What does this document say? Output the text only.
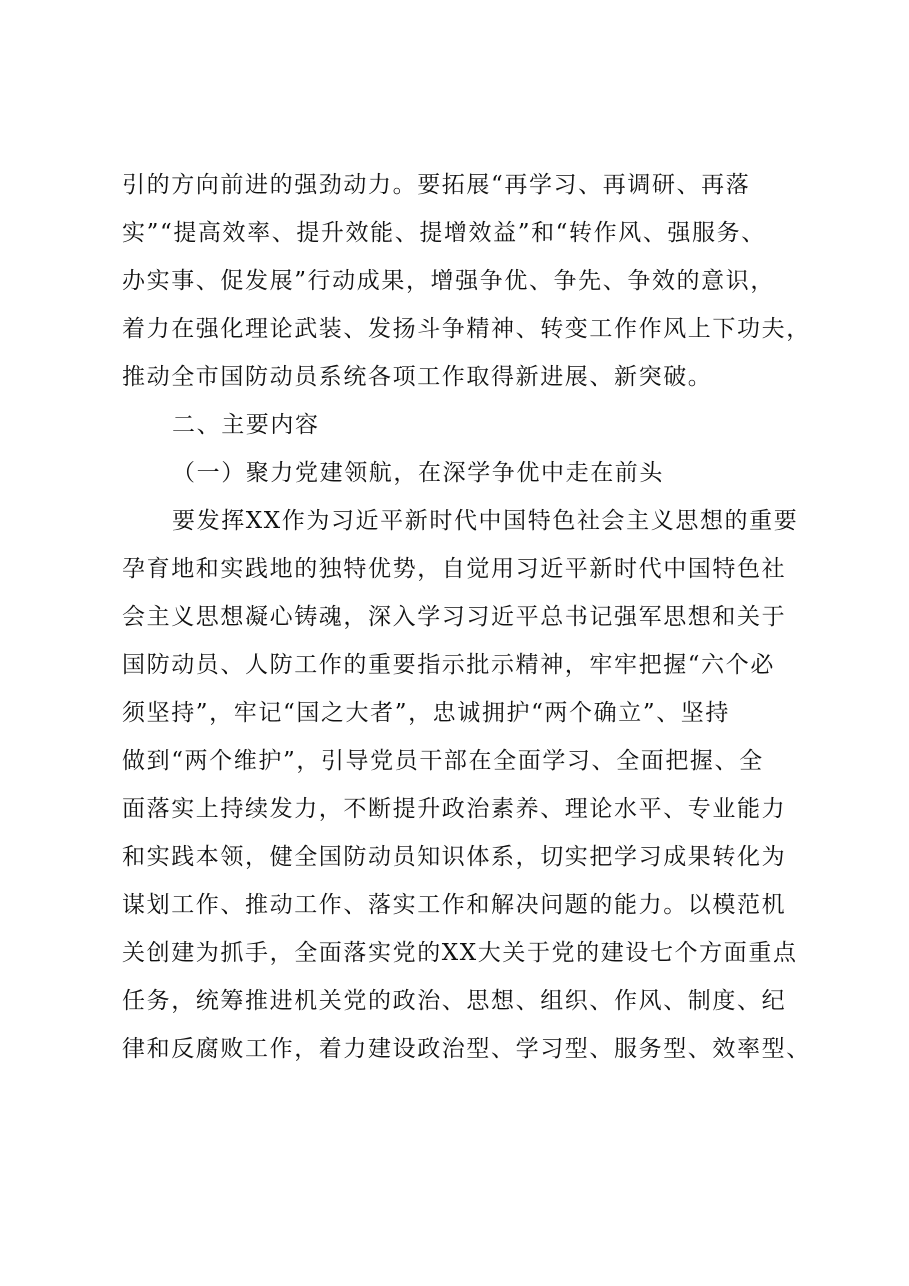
引的方向前进的强劲动力。要拓展“再学习、再调研、再落
实”“提高效率、提升效能、提增效益”和“转作风、强服务、
办实事、促发展”行动成果，增强争优、争先、争效的意识，
着力在强化理论武装、发扬斗争精神、转变工作作风上下功夫，
推动全市国防动员系统各项工作取得新进展、新突破。
二、主要内容
（一）聚力党建领航，在深学争优中走在前头
要发挥XX作为习近平新时代中国特色社会主义思想的重要
孕育地和实践地的独特优势，自觉用习近平新时代中国特色社
会主义思想凝心铸魂，深入学习习近平总书记强军思想和关于
国防动员、人防工作的重要指示批示精神，牢牢把握“六个必
须坚持”，牢记“国之大者”，忠诚拥护“两个确立”、坚持
做到“两个维护”，引导党员干部在全面学习、全面把握、全
面落实上持续发力，不断提升政治素养、理论水平、专业能力
和实践本领，健全国防动员知识体系，切实把学习成果转化为
谋划工作、推动工作、落实工作和解决问题的能力。以模范机
关创建为抓手，全面落实党的XX大关于党的建设七个方面重点
任务，统筹推进机关党的政治、思想、组织、作风、制度、纪
律和反腐败工作，着力建设政治型、学习型、服务型、效率型、
